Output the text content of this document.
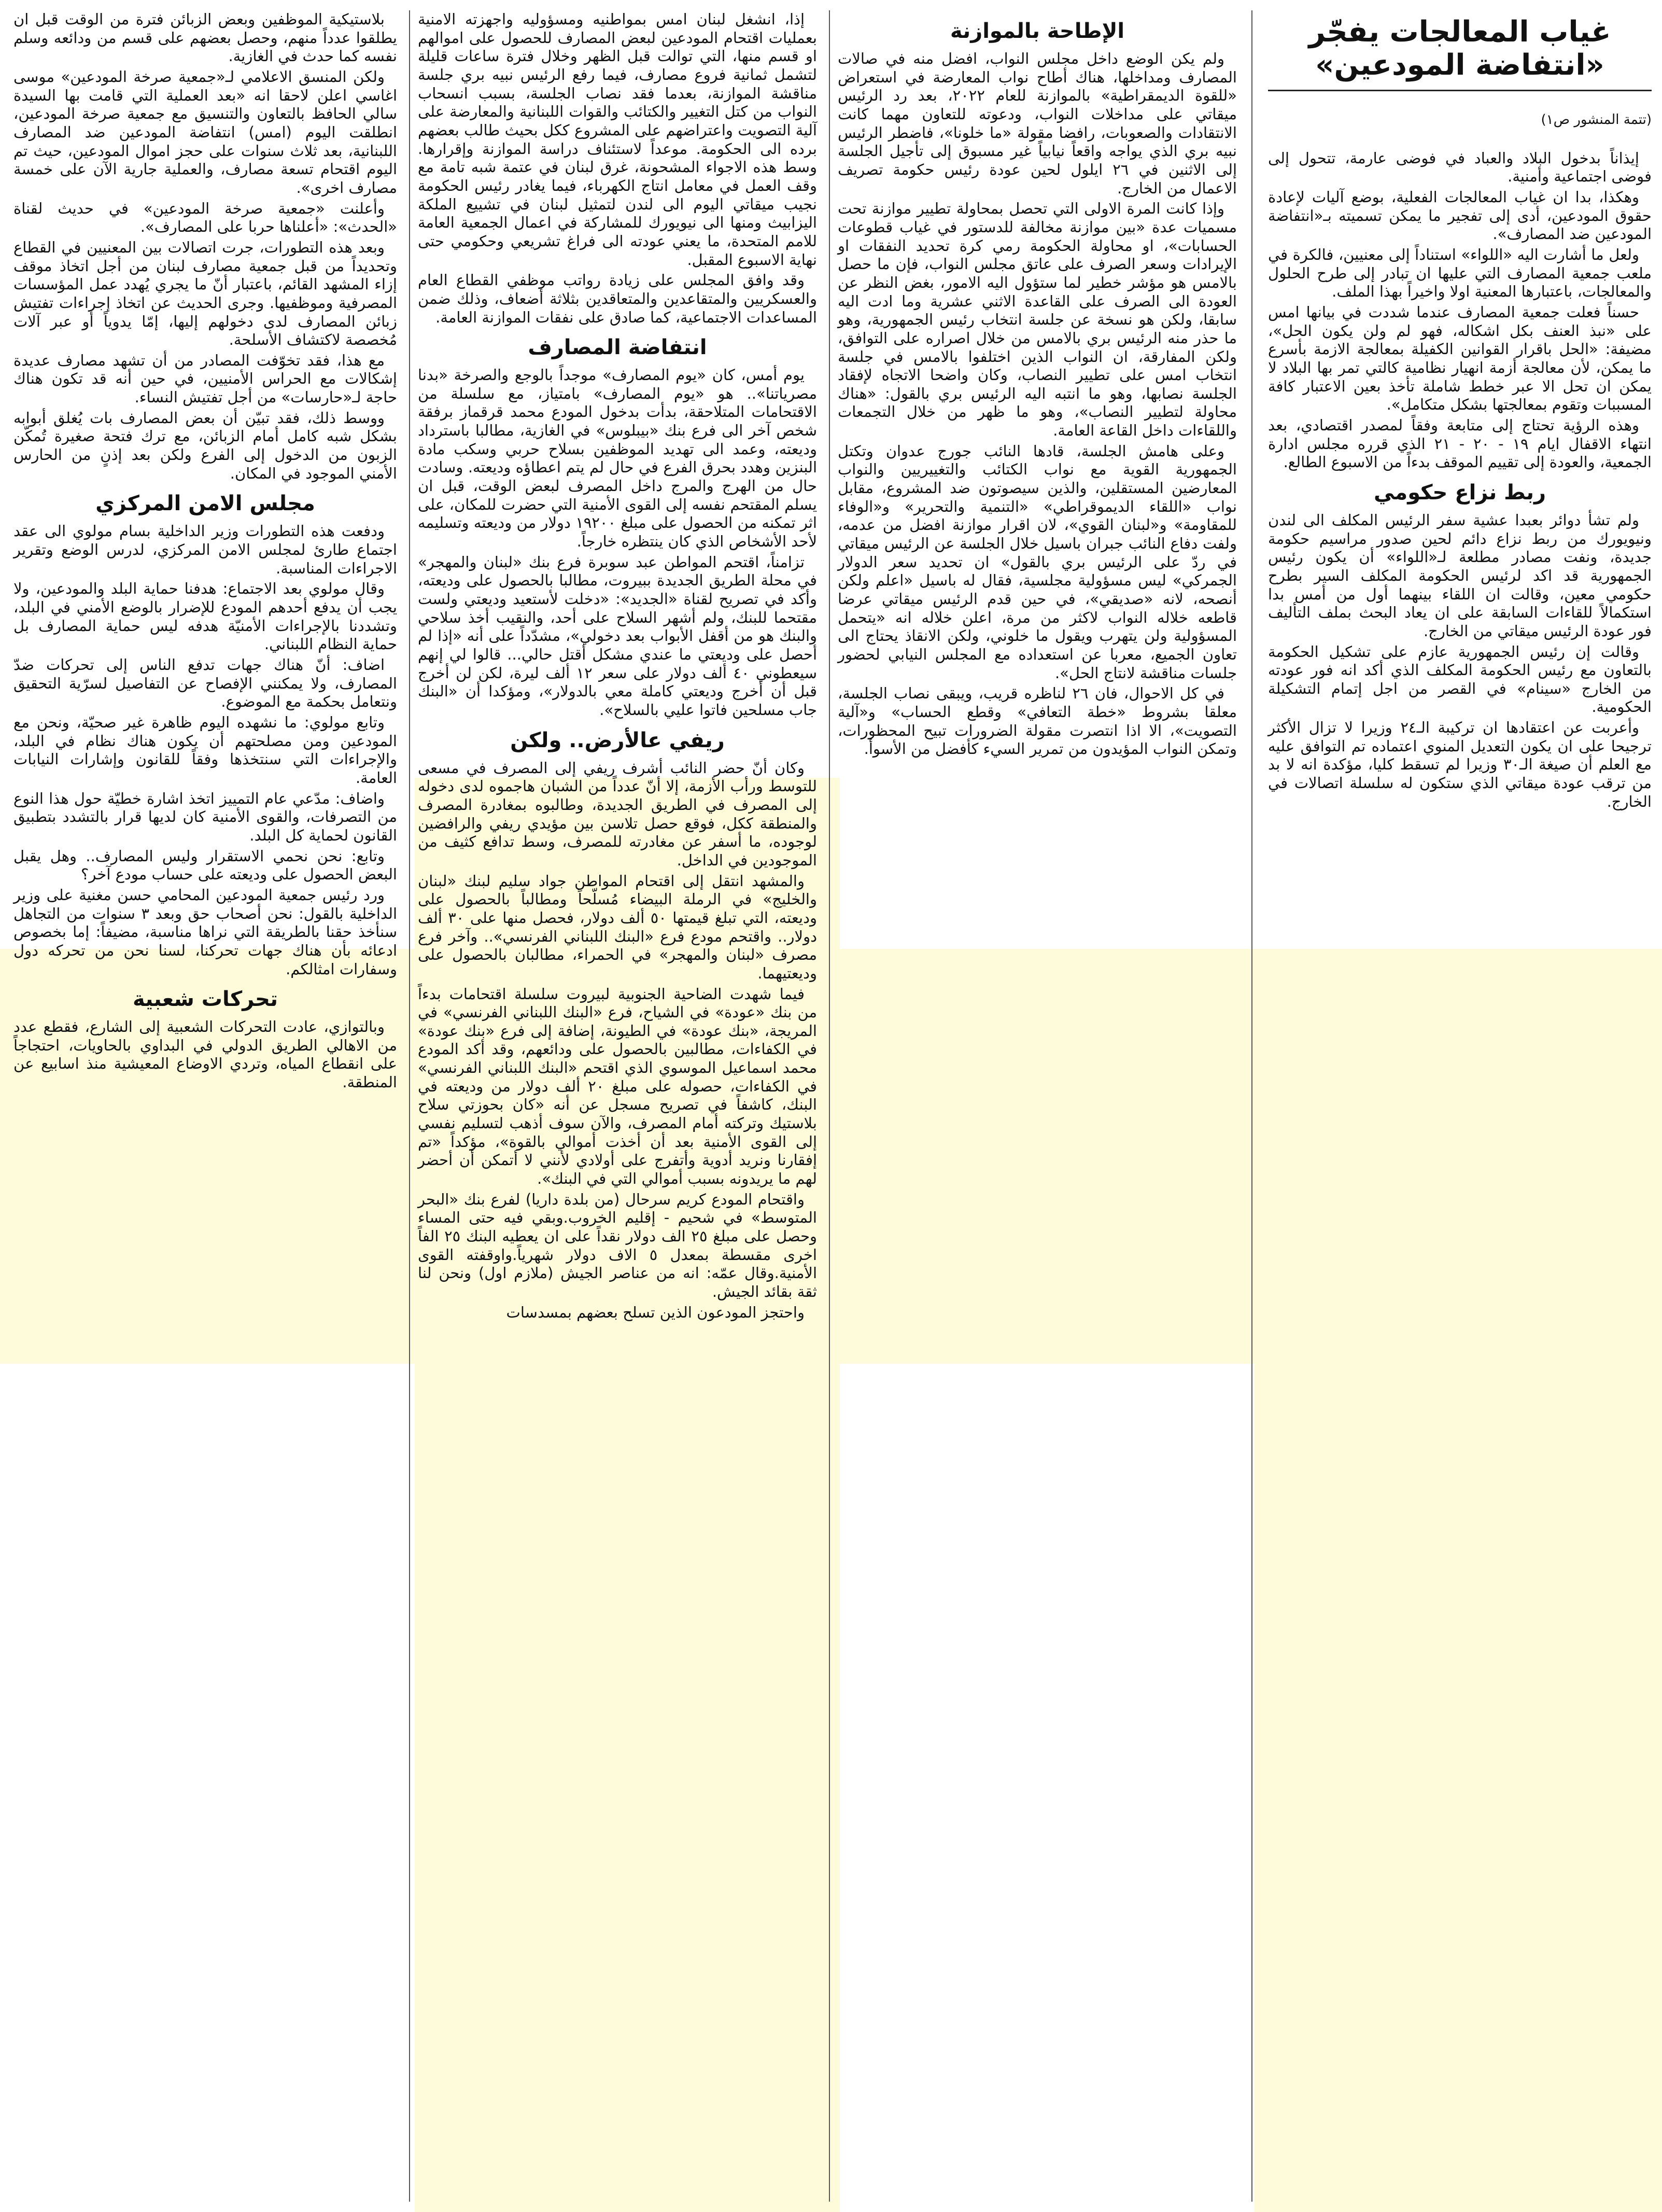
غياب المعالجات يفجّر «انتفاضة المودعين»
(تتمة المنشور ص١)

إيذاناً بدخول البلاد والعباد في فوضى عارمة، تتحول إلى فوضى اجتماعية وأمنية.

وهكذا، بدا ان غياب المعالجات الفعلية، بوضع آليات لإعادة حقوق المودعين، أدى إلى تفجير ما يمكن تسميته بـ«انتفاضة المودعين ضد المصارف».

ولعل ما أشارت اليه «اللواء» استناداً إلى معنيين، فالكرة في ملعب جمعية المصارف التي عليها ان تبادر إلى طرح الحلول والمعالجات، باعتبارها المعنية اولا واخيراً بهذا الملف.

حسناً فعلت جمعية المصارف عندما شددت في بيانها امس على «نبذ العنف بكل اشكاله، فهو لم ولن يكون الحل»، مضيفة: «الحل باقرار القوانين الكفيلة بمعالجة الازمة بأسرع ما يمكن، لأن معالجة أزمة انهيار نظامية كالتي تمر بها البلاد لا يمكن ان تحل الا عبر خطط شاملة تأخذ بعين الاعتبار كافة المسببات وتقوم بمعالجتها بشكل متكامل».

وهذه الرؤية تحتاج إلى متابعة وفقاً لمصدر اقتصادي، بعد انتهاء الاقفال ايام ١٩ - ٢٠ - ٢١ الذي قرره مجلس ادارة الجمعية، والعودة إلى تقييم الموقف بدءاً من الاسبوع الطالع.

ربط نزاع حكومي

ولم تشأ دوائر بعبدا عشية سفر الرئيس المكلف الى لندن ونيويورك من ربط نزاع دائم لحين صدور مراسيم حكومة جديدة، ونفت مصادر مطلعة لـ«اللواء» أن يكون رئيس الجمهورية قد اكد لرئيس الحكومة المكلف السير بطرح حكومي معين، وقالت ان اللقاء بينهما أول من أمس بدا استكمالاً للقاءات السابقة على ان يعاد البحث بملف التأليف فور عودة الرئيس ميقاتي من الخارج.

وقالت إن رئيس الجمهورية عازم على تشكيل الحكومة بالتعاون مع رئيس الحكومة المكلف الذي أكد انه فور عودته من الخارج «سينام» في القصر من اجل إتمام التشكيلة الحكومية.

وأعربت عن اعتقادها ان تركيبة الـ٢٤ وزيرا لا تزال الأكثر ترجيحا على ان يكون التعديل المنوي اعتماده تم التوافق عليه مع العلم أن صيغة الـ٣٠ وزيرا لم تسقط كليا، مؤكدة انه لا بد من ترقب عودة ميقاتي الذي ستكون له سلسلة اتصالات في الخارج.

الإطاحة بالموازنة

ولم يكن الوضع داخل مجلس النواب، افضل منه في صالات المصارف ومداخلها، هناك أطاح نواب المعارضة في استعراض «للقوة الديمقراطية» بالموازنة للعام ٢٠٢٢، بعد رد الرئيس ميقاتي على مداخلات النواب، ودعوته للتعاون مهما كانت الانتقادات والصعوبات، رافضا مقولة «ما خلونا»، فاضطر الرئيس نبيه بري الذي يواجه واقعاً نيابياً غير مسبوق إلى تأجيل الجلسة إلى الاثنين في ٢٦ ايلول لحين عودة رئيس حكومة تصريف الاعمال من الخارج.

وإذا كانت المرة الاولى التي تحصل بمحاولة تطيير موازنة تحت مسميات عدة «بين موازنة مخالفة للدستور في غياب قطوعات الحسابات»، او محاولة الحكومة رمي كرة تحديد النفقات او الإيرادات وسعر الصرف على عاتق مجلس النواب، فإن ما حصل بالامس هو مؤشر خطير لما ستؤول اليه الامور، بغض النظر عن العودة الى الصرف على القاعدة الاثني عشرية وما ادت اليه سابقا، ولكن هو نسخة عن جلسة انتخاب رئيس الجمهورية، وهو ما حذر منه الرئيس بري بالامس من خلال اصراره على التوافق، ولكن المفارقة، ان النواب الذين اختلفوا بالامس في جلسة انتخاب امس على تطيير النصاب، وكان واضحا الاتجاه لإفقاد الجلسة نصابها، وهو ما انتبه اليه الرئيس بري بالقول: «هناك محاولة لتطيير النصاب»، وهو ما ظهر من خلال التجمعات واللقاءات داخل القاعة العامة.

وعلى هامش الجلسة، قادها النائب جورج عدوان وتكتل الجمهورية القوية مع نواب الكتائب والتغييريين والنواب المعارضين المستقلين، والذين سيصوتون ضد المشروع، مقابل نواب «اللقاء الديموقراطي» «التنمية والتحرير» و«الوفاء للمقاومة» و«لبنان القوي»، لان اقرار موازنة افضل من عدمه، ولفت دفاع النائب جبران باسيل خلال الجلسة عن الرئيس ميقاتي في ردّ على الرئيس بري بالقول» ان تحديد سعر الدولار الجمركي» ليس مسؤولية مجلسية، فقال له باسيل «اعلم ولكن أنصحه، لانه «صديقي»، في حين قدم الرئيس ميقاتي عرضا قاطعه خلاله النواب لاكثر من مرة، اعلن خلاله انه «يتحمل المسؤولية ولن يتهرب ويقول ما خلوني، ولكن الانقاذ يحتاج الى تعاون الجميع، معربا عن استعداده مع المجلس النيابي لحضور جلسات مناقشة لانتاج الحل».

في كل الاحوال، فان ٢٦ لناظره قريب، ويبقى نصاب الجلسة، معلقا بشروط «خطة التعافي» وقطع الحساب» و«آلية التصويت»، الا اذا انتصرت مقولة الضرورات تبيح المحظورات، وتمكن النواب المؤيدون من تمرير السيء كأفضل من الأسوأ.

إذا، انشغل لبنان امس بمواطنيه ومسؤوليه واجهزته الامنية بعمليات اقتحام المودعين لبعض المصارف للحصول على اموالهم او قسم منها، التي توالت قبل الظهر وخلال فترة ساعات قليلة لتشمل ثمانية فروع مصارف، فيما رفع الرئيس نبيه بري جلسة مناقشة الموازنة، بعدما فقد نصاب الجلسة، بسبب انسحاب النواب من كتل التغيير والكتائب والقوات اللبنانية والمعارضة على آلية التصويت واعتراضهم على المشروع ككل بحيث طالب بعضهم برده الى الحكومة. موعداً لاستئناف دراسة الموازنة وإقرارها. وسط هذه الاجواء المشحونة، غرق لبنان في عتمة شبه تامة مع وقف العمل في معامل انتاج الكهرباء، فيما يغادر رئيس الحكومة نجيب ميقاتي اليوم الى لندن لتمثيل لبنان في تشييع الملكة اليزابيث ومنها الى نيويورك للمشاركة في اعمال الجمعية العامة للامم المتحدة، ما يعني عودته الى فراغ تشريعي وحكومي حتى نهاية الاسبوع المقبل.

وقد وافق المجلس على زيادة رواتب موظفي القطاع العام والعسكريين والمتقاعدين والمتعاقدين بثلاثة أضعاف، وذلك ضمن المساعدات الاجتماعية، كما صادق على نفقات الموازنة العامة.

انتفاضة المصارف

يوم أمس، كان «يوم المصارف» موجداً بالوجع والصرخة «بدنا مصرياتنا».. هو «يوم المصارف» بامتياز، مع سلسلة من الاقتحامات المتلاحقة، بدأت بدخول المودع محمد قرقماز برفقة شخص آخر الى فرع بنك «بيبلوس» في الغازية، مطالبا باسترداد وديعته، وعمد الى تهديد الموظفين بسلاح حربي وسكب مادة البنزين وهدد بحرق الفرع في حال لم يتم اعطاؤه وديعته. وسادت حال من الهرج والمرج داخل المصرف لبعض الوقت، قبل ان يسلم المقتحم نفسه إلى القوى الأمنية التي حضرت للمكان، على اثر تمكنه من الحصول على مبلغ ١٩٢٠٠ دولار من وديعته وتسليمه لأحد الأشخاص الذي كان ينتظره خارجاً.

تزامناً، اقتحم المواطن عبد سوبرة فرع بنك «لبنان والمهجر» في محلة الطريق الجديدة ببيروت، مطالبا بالحصول على وديعته، وأكد في تصريح لقناة «الجديد»: «دخلت لأستعيد وديعتي ولست مقتحما للبنك، ولم أشهر السلاح على أحد، والنقيب أخذ سلاحي والبنك هو من أقفل الأبواب بعد دخولي»، مشدّداً على أنه «إذا لم أحصل على وديعتي ما عندي مشكل أقتل حالي... قالوا لي إنهم سيعطوني ٤٠ ألف دولار على سعر ١٢ ألف ليرة، لكن لن أخرج قبل أن أخرج وديعتي كاملة معي بالدولار»، ومؤكدا أن «البنك جاب مسلحين فاتوا عليي بالسلاح».

ريفي عالأرض.. ولكن

وكان أنّ حضر النائب أشرف ريفي إلى المصرف في مسعى للتوسط ورأب الأزمة، إلا أنّ عدداً من الشبان هاجموه لدى دخوله إلى المصرف في الطريق الجديدة، وطالبوه بمغادرة المصرف والمنطقة ككل، فوقع حصل تلاسن بين مؤيدي ريفي والرافضين لوجوده، ما أسفر عن مغادرته للمصرف، وسط تدافع كثيف من الموجودين في الداخل.

والمشهد انتقل إلى اقتحام المواطن جواد سليم لبنك «لبنان والخليج» في الرملة البيضاء مُسلّحاً ومطالباً بالحصول على وديعته، التي تبلغ قيمتها ٥٠ ألف دولار، فحصل منها على ٣٠ ألف دولار.. واقتحم مودع فرع «البنك اللبناني الفرنسي».. وآخر فرع مصرف «لبنان والمهجر» في الحمراء، مطالبان بالحصول على وديعتيهما.

فيما شهدت الضاحية الجنوبية لبيروت سلسلة اقتحامات بدءاً من بنك «عودة» في الشياح، فرع «البنك اللبناني الفرنسي» في المريجة، «بنك عودة» في الطيونة، إضافة إلى فرع «بنك عودة» في الكفاءات، مطالبين بالحصول على ودائعهم، وقد أكد المودع محمد اسماعيل الموسوي الذي اقتحم «البنك اللبناني الفرنسي» في الكفاءات، حصوله على مبلغ ٢٠ ألف دولار من وديعته في البنك، كاشفاً في تصريح مسجل عن أنه «كان بحوزتي سلاح بلاستيك وتركته أمام المصرف، والآن سوف أذهب لتسليم نفسي إلى القوى الأمنية بعد أن أخذت أموالي بالقوة»، مؤكداً «تم إفقارنا ونريد أدوية وأتفرج على أولادي لأنني لا أتمكن أن أحضر لهم ما يريدونه بسبب أموالي التي في البنك».

واقتحام المودع كريم سرحال (من بلدة داريا) لفرع بنك «البحر المتوسط» في شحيم - إقليم الخروب.وبقي فيه حتى المساء وحصل على مبلغ ٢٥ الف دولار نقداً على ان يعطيه البنك ٢٥ الفاً اخرى مقسطة بمعدل ٥ الاف دولار شهرياً.واوقفته القوى الأمنية.وقال عمّه: انه من عناصر الجيش (ملازم اول) ونحن لنا ثقة بقائد الجيش.

واحتجز المودعون الذين تسلح بعضهم بمسدسات

بلاستيكية الموظفين وبعض الزبائن فترة من الوقت قبل ان يطلقوا عدداً منهم، وحصل بعضهم على قسم من ودائعه وسلم نفسه كما حدث في الغازية.

ولكن المنسق الاعلامي لـ«جمعية صرخة المودعين» موسى اغاسي اعلن لاحقا انه «بعد العملية التي قامت بها السيدة سالي الحافظ بالتعاون والتنسيق مع جمعية صرخة المودعين، انطلقت اليوم (امس) انتفاضة المودعين ضد المصارف اللبنانية، بعد ثلاث سنوات على حجز اموال المودعين، حيث تم اليوم اقتحام تسعة مصارف، والعملية جارية الآن على خمسة مصارف اخرى».

وأعلنت «جمعية صرخة المودعين» في حديث لقناة «الحدث»: «أعلناها حربا على المصارف».

وبعد هذه التطورات، جرت اتصالات بين المعنيين في القطاع وتحديداً من قبل جمعية مصارف لبنان من أجل اتخاذ موقف إزاء المشهد القائم، باعتبار أنّ ما يجري يُهدد عمل المؤسسات المصرفية وموظفيها. وجرى الحديث عن اتخاذ إجراءات تفتيش زبائن المصارف لدى دخولهم إليها، إمّا يدوياً أو عبر آلات مُخصصة لاكتشاف الأسلحة.

مع هذا، فقد تخوّفت المصادر من أن تشهد مصارف عديدة إشكالات مع الحراس الأمنيين، في حين أنه قد تكون هناك حاجة لـ«حارسات» من أجل تفتيش النساء.

ووسط ذلك، فقد تبيّن أن بعض المصارف بات يُغلق أبوابه بشكل شبه كامل أمام الزبائن، مع ترك فتحة صغيرة تُمكّن الزبون من الدخول إلى الفرع ولكن بعد إذنٍ من الحارس الأمني الموجود في المكان.

مجلس الامن المركزي

ودفعت هذه التطورات وزير الداخلية بسام مولوي الى عقد اجتماع طارئ لمجلس الامن المركزي، لدرس الوضع وتقرير الاجراءات المناسبة.

وقال مولوي بعد الاجتماع: هدفنا حماية البلد والمودعين، ولا يجب أن يدفع أحدهم المودع للإضرار بالوضع الأمني في البلد، وتشددنا بالإجراءات الأمنيّة هدفه ليس حماية المصارف بل حماية النظام اللبناني.

اضاف: أنّ هناك جهات تدفع الناس إلى تحركات ضدّ المصارف، ولا يمكنني الإفصاح عن التفاصيل لسرّية التحقيق ونتعامل بحكمة مع الموضوع.

وتابع مولوي: ما نشهده اليوم ظاهرة غير صحيّة، ونحن مع المودعين ومن مصلحتهم أن يكون هناك نظام في البلد، والإجراءات التي سنتخذها وفقاً للقانون وإشارات النيابات العامة.

واضاف: مدّعي عام التمييز اتخذ اشارة خطيّة حول هذا النوع من التصرفات، والقوى الأمنية كان لديها قرار بالتشدد بتطبيق القانون لحماية كل البلد.

وتابع: نحن نحمي الاستقرار وليس المصارف.. وهل يقبل البعض الحصول على وديعته على حساب مودع آخر؟

ورد رئيس جمعية المودعين المحامي حسن مغنية على وزير الداخلية بالقول: نحن أصحاب حق وبعد ٣ سنوات من التجاهل سنأخذ حقنا بالطريقة التي نراها مناسبة، مضيفاً: إما بخصوص ادعائه بأن هناك جهات تحركنا، لسنا نحن من تحركه دول وسفارات امثالكم.

تحركات شعبية

وبالتوازي، عادت التحركات الشعبية إلى الشارع، فقطع عدد من الاهالي الطريق الدولي في البداوي بالحاويات، احتجاجاً على انقطاع المياه، وتردي الاوضاع المعيشية منذ اسابيع عن المنطقة.
